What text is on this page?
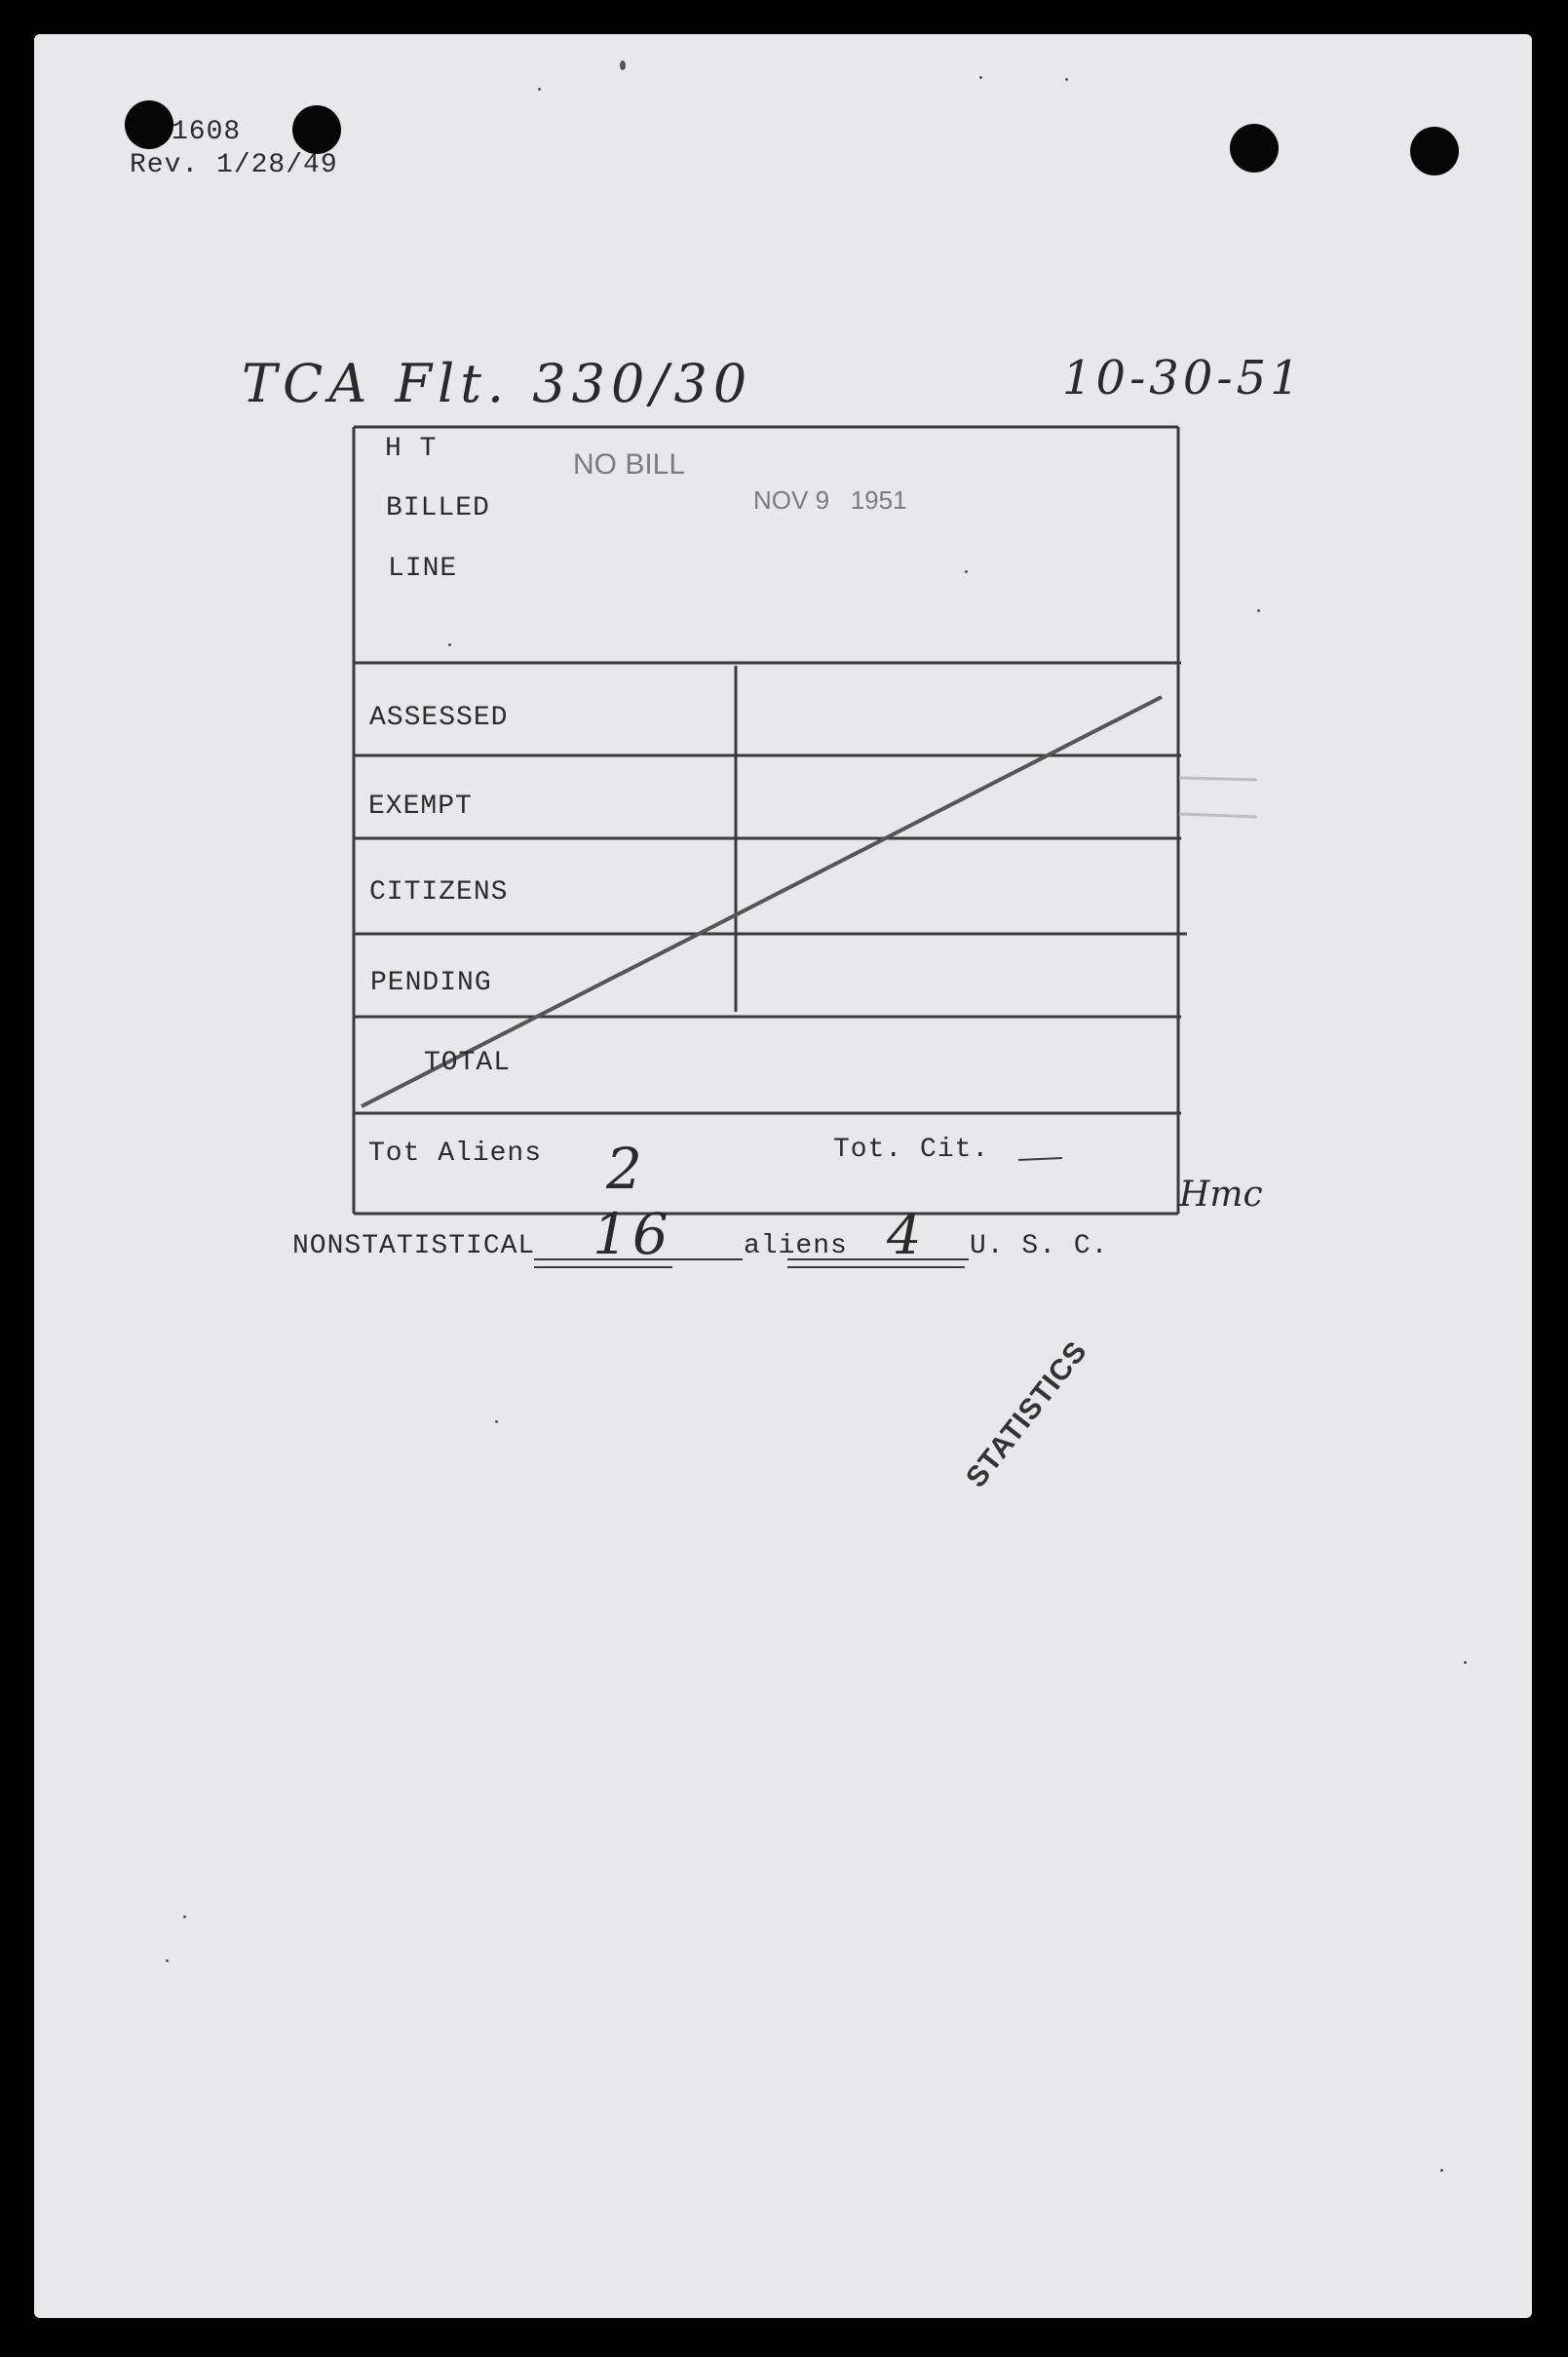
1608
Rev. 1/28/49
TCA Flt. 330/30	10-30-51
H T
BILLED
LINE
NO BILL
NOV 9   1951
ASSESSED
EXEMPT
CITIZENS
PENDING
TOTAL
Tot Aliens 2	Tot. Cit.
Hmc
NONSTATISTICAL 16	aliens 4 U. S. C.
STATISTICS
